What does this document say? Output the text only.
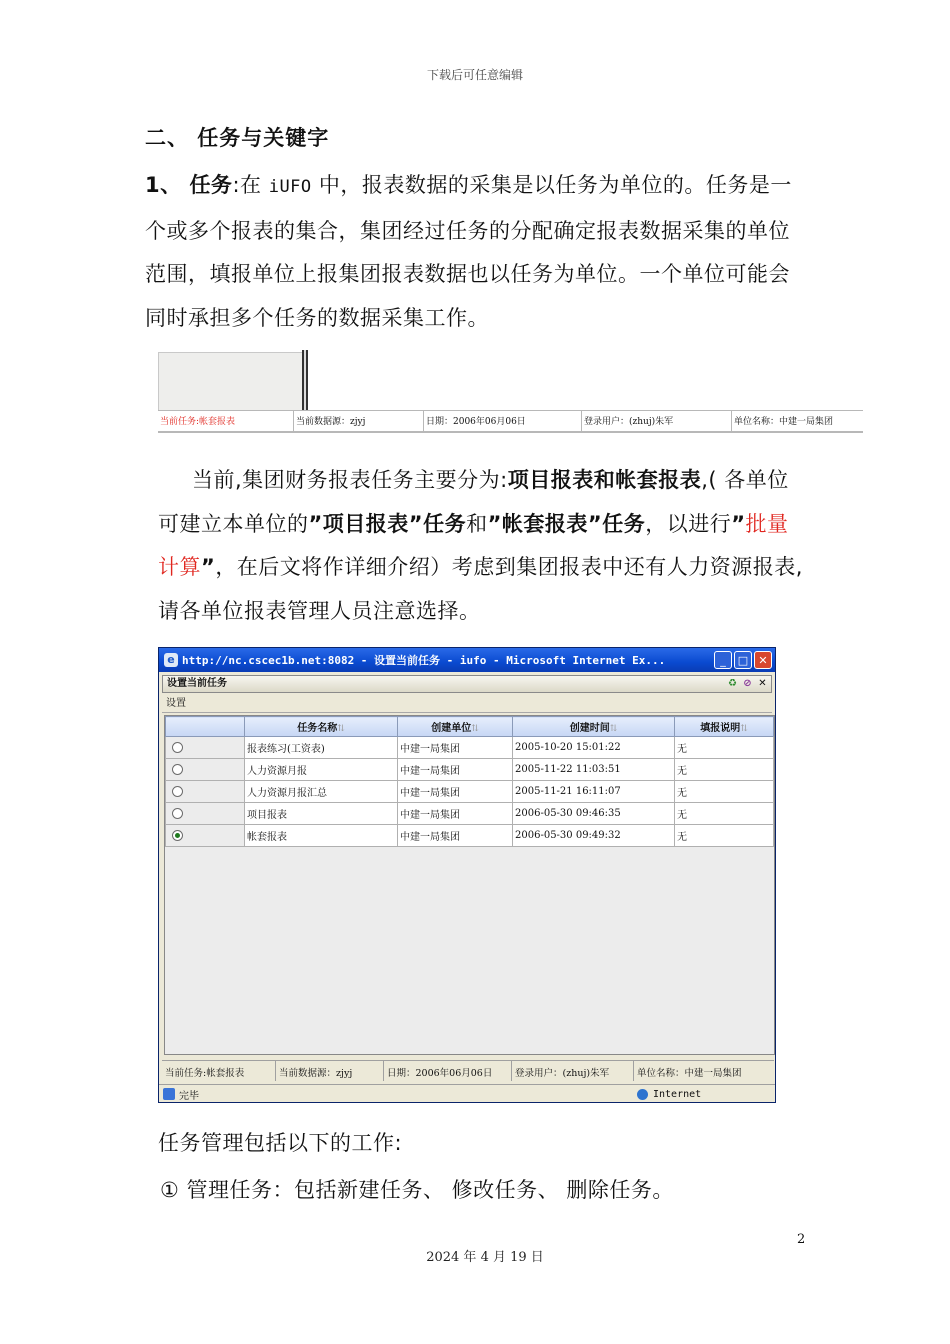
下载后可任意编辑
二、 任务与关键字
1、 任务:在 iUFO 中，报表数据的采集是以任务为单位的。任务是一个或多个报表的集合，集团经过任务的分配确定报表数据采集的单位范围，填报单位上报集团报表数据也以任务为单位。一个单位可能会同时承担多个任务的数据采集工作。
当前任务:帐套报表	当前数据源：zjyj	日期：2006年06月06日	登录用户：(zhuj)朱军	单位名称：中建一局集团
当前,集团财务报表任务主要分为:项目报表和帐套报表,( 各单位可建立本单位的”项目报表”任务和”帐套报表”任务，以进行”批量计算”，在后文将作详细介绍）考虑到集团报表中还有人力资源报表,请各单位报表管理人员注意选择。
e http://nc.cscec1b.net:8082 - 设置当前任务 - iufo - Microsoft Internet Ex...	_	□ ✕
设置当前任务	♻ ⊘ ✕
设置
	任务名称⇅	创建单位⇅	创建时间⇅	填报说明⇅
	报表练习(工资表)	中建一局集团	2005-10-20 15:01:22	无
	人力资源月报	中建一局集团	2005-11-22 11:03:51	无
	人力资源月报汇总	中建一局集团	2005-11-21 16:11:07	无
	项目报表	中建一局集团	2006-05-30 09:46:35	无
	帐套报表	中建一局集团	2006-05-30 09:49:32	无
当前任务:帐套报表	当前数据源：zjyj	日期：2006年06月06日	登录用户：(zhuj)朱军	单位名称：中建一局集团
完毕	Internet
任务管理包括以下的工作:
① 管理任务：包括新建任务、 修改任务、 删除任务。
2
2024 年 4 月 19 日
